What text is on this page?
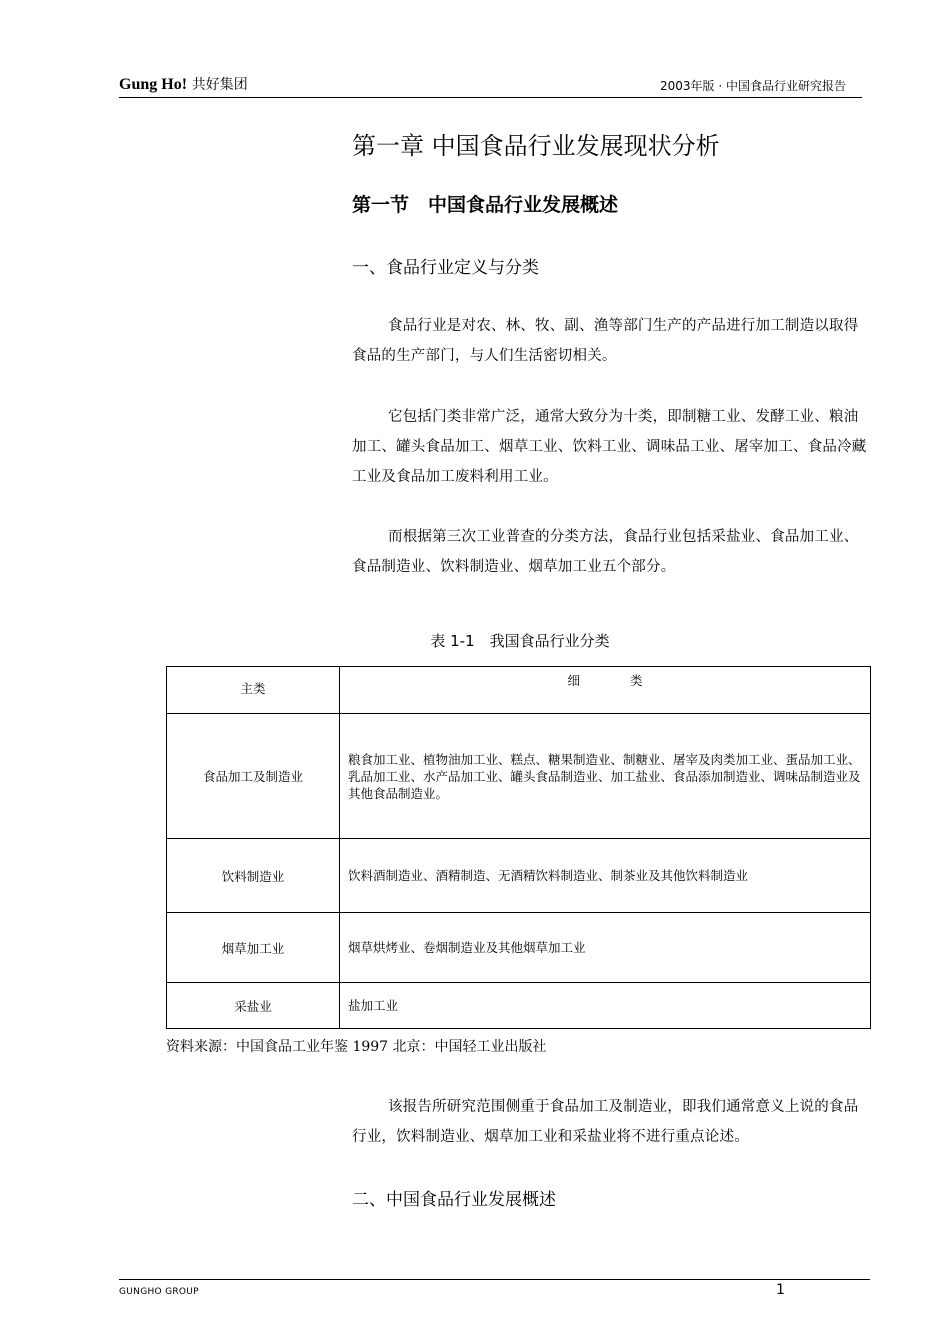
Gung Ho! 共好集团	2003年版 · 中国食品行业研究报告
第一章 中国食品行业发展现状分析
第一节　中国食品行业发展概述
一、食品行业定义与分类
食品行业是对农、林、牧、副、渔等部门生产的产品进行加工制造以取得食品的生产部门，与人们生活密切相关。
它包括门类非常广泛，通常大致分为十类，即制糖工业、发酵工业、粮油加工、罐头食品加工、烟草工业、饮料工业、调味品工业、屠宰加工、食品冷藏工业及食品加工废料利用工业。
而根据第三次工业普查的分类方法，食品行业包括采盐业、食品加工业、食品制造业、饮料制造业、烟草加工业五个部分。
表 1-1　我国食品行业分类
主类	细　　　　类
食品加工及制造业	粮食加工业、植物油加工业、糕点、糖果制造业、制糖业、屠宰及肉类加工业、蛋品加工业、乳品加工业、水产品加工业、罐头食品制造业、加工盐业、食品添加制造业、调味品制造业及其他食品制造业。
饮料制造业	饮料酒制造业、酒精制造、无酒精饮料制造业、制茶业及其他饮料制造业
烟草加工业	烟草烘烤业、卷烟制造业及其他烟草加工业
采盐业	盐加工业
资料来源：中国食品工业年鉴 1997 北京：中国轻工业出版社
该报告所研究范围侧重于食品加工及制造业，即我们通常意义上说的食品行业，饮料制造业、烟草加工业和采盐业将不进行重点论述。
二、中国食品行业发展概述
GUNGHO GROUP	1
